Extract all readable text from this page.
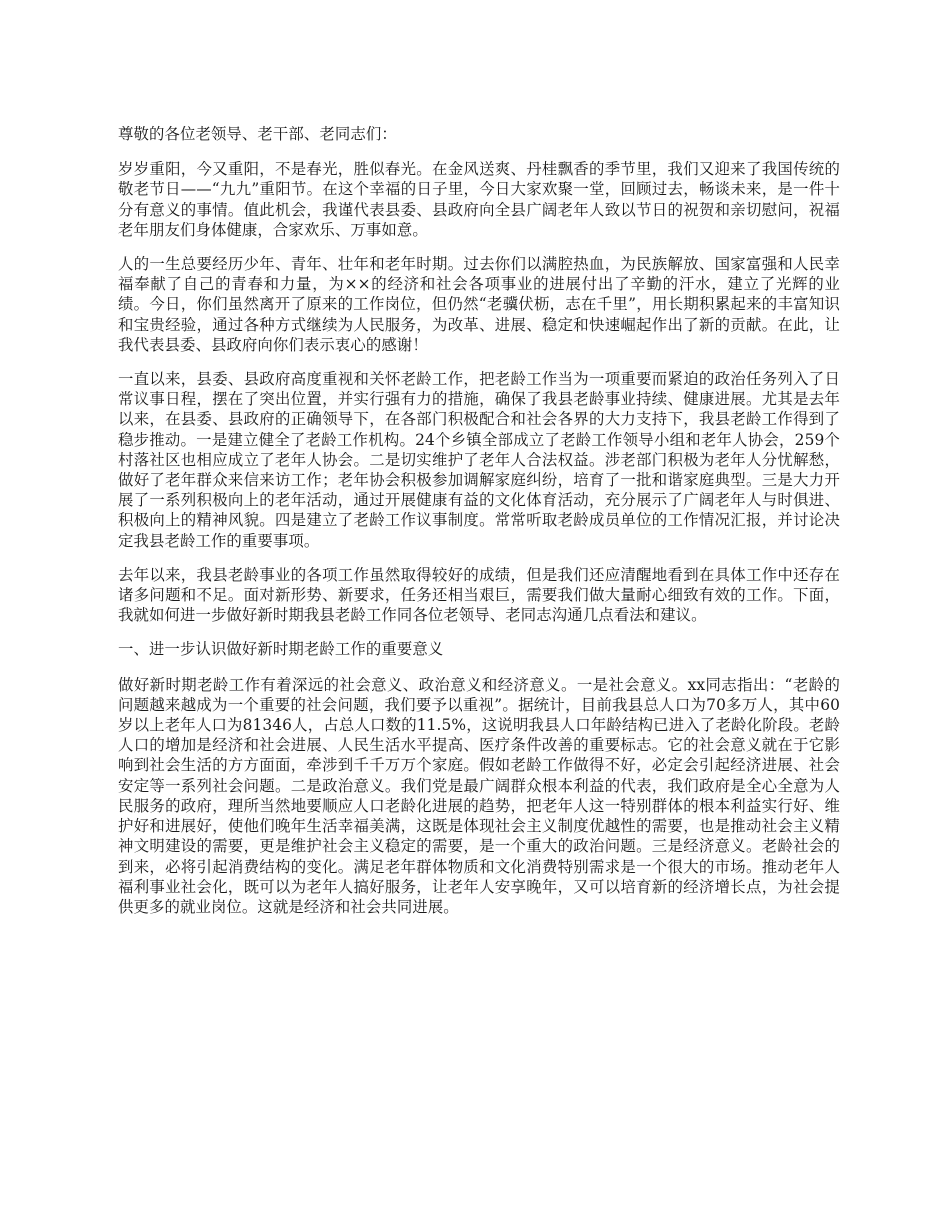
尊敬的各位老领导、老干部、老同志们：

岁岁重阳，今又重阳，不是春光，胜似春光。在金风送爽、丹桂飘香的季节里，我们又迎来了我国传统的敬老节日——“九九”重阳节。在这个幸福的日子里，今日大家欢聚一堂，回顾过去，畅谈未来，是一件十分有意义的事情。值此机会，我谨代表县委、县政府向全县广阔老年人致以节日的祝贺和亲切慰问，祝福老年朋友们身体健康，合家欢乐、万事如意。

人的一生总要经历少年、青年、壮年和老年时期。过去你们以满腔热血，为民族解放、国家富强和人民幸福奉献了自己的青春和力量，为××的经济和社会各项事业的进展付出了辛勤的汗水，建立了光辉的业绩。今日，你们虽然离开了原来的工作岗位，但仍然“老骥伏枥，志在千里”，用长期积累起来的丰富知识和宝贵经验，通过各种方式继续为人民服务，为改革、进展、稳定和快速崛起作出了新的贡献。在此，让我代表县委、县政府向你们表示衷心的感谢！

一直以来，县委、县政府高度重视和关怀老龄工作，把老龄工作当为一项重要而紧迫的政治任务列入了日常议事日程，摆在了突出位置，并实行强有力的措施，确保了我县老龄事业持续、健康进展。尤其是去年以来，在县委、县政府的正确领导下，在各部门积极配合和社会各界的大力支持下，我县老龄工作得到了稳步推动。一是建立健全了老龄工作机构。24个乡镇全部成立了老龄工作领导小组和老年人协会，259个村落社区也相应成立了老年人协会。二是切实维护了老年人合法权益。涉老部门积极为老年人分忧解愁，做好了老年群众来信来访工作；老年协会积极参加调解家庭纠纷，培育了一批和谐家庭典型。三是大力开展了一系列积极向上的老年活动，通过开展健康有益的文化体育活动，充分展示了广阔老年人与时俱进、积极向上的精神风貌。四是建立了老龄工作议事制度。常常听取老龄成员单位的工作情况汇报，并讨论决定我县老龄工作的重要事项。

去年以来，我县老龄事业的各项工作虽然取得较好的成绩，但是我们还应清醒地看到在具体工作中还存在诸多问题和不足。面对新形势、新要求，任务还相当艰巨，需要我们做大量耐心细致有效的工作。下面，我就如何进一步做好新时期我县老龄工作同各位老领导、老同志沟通几点看法和建议。

一、进一步认识做好新时期老龄工作的重要意义

做好新时期老龄工作有着深远的社会意义、政治意义和经济意义。一是社会意义。xx同志指出：“老龄的问题越来越成为一个重要的社会问题，我们要予以重视”。据统计，目前我县总人口为70多万人，其中60岁以上老年人口为81346人，占总人口数的11.5%，这说明我县人口年龄结构已进入了老龄化阶段。老龄人口的增加是经济和社会进展、人民生活水平提高、医疗条件改善的重要标志。它的社会意义就在于它影响到社会生活的方方面面，牵涉到千千万万个家庭。假如老龄工作做得不好，必定会引起经济进展、社会安定等一系列社会问题。二是政治意义。我们党是最广阔群众根本利益的代表，我们政府是全心全意为人民服务的政府，理所当然地要顺应人口老龄化进展的趋势，把老年人这一特别群体的根本利益实行好、维护好和进展好，使他们晚年生活幸福美满，这既是体现社会主义制度优越性的需要，也是推动社会主义精神文明建设的需要，更是维护社会主义稳定的需要，是一个重大的政治问题。三是经济意义。老龄社会的到来，必将引起消费结构的变化。满足老年群体物质和文化消费特别需求是一个很大的市场。推动老年人福利事业社会化，既可以为老年人搞好服务，让老年人安享晚年，又可以培育新的经济增长点，为社会提供更多的就业岗位。这就是经济和社会共同进展。
